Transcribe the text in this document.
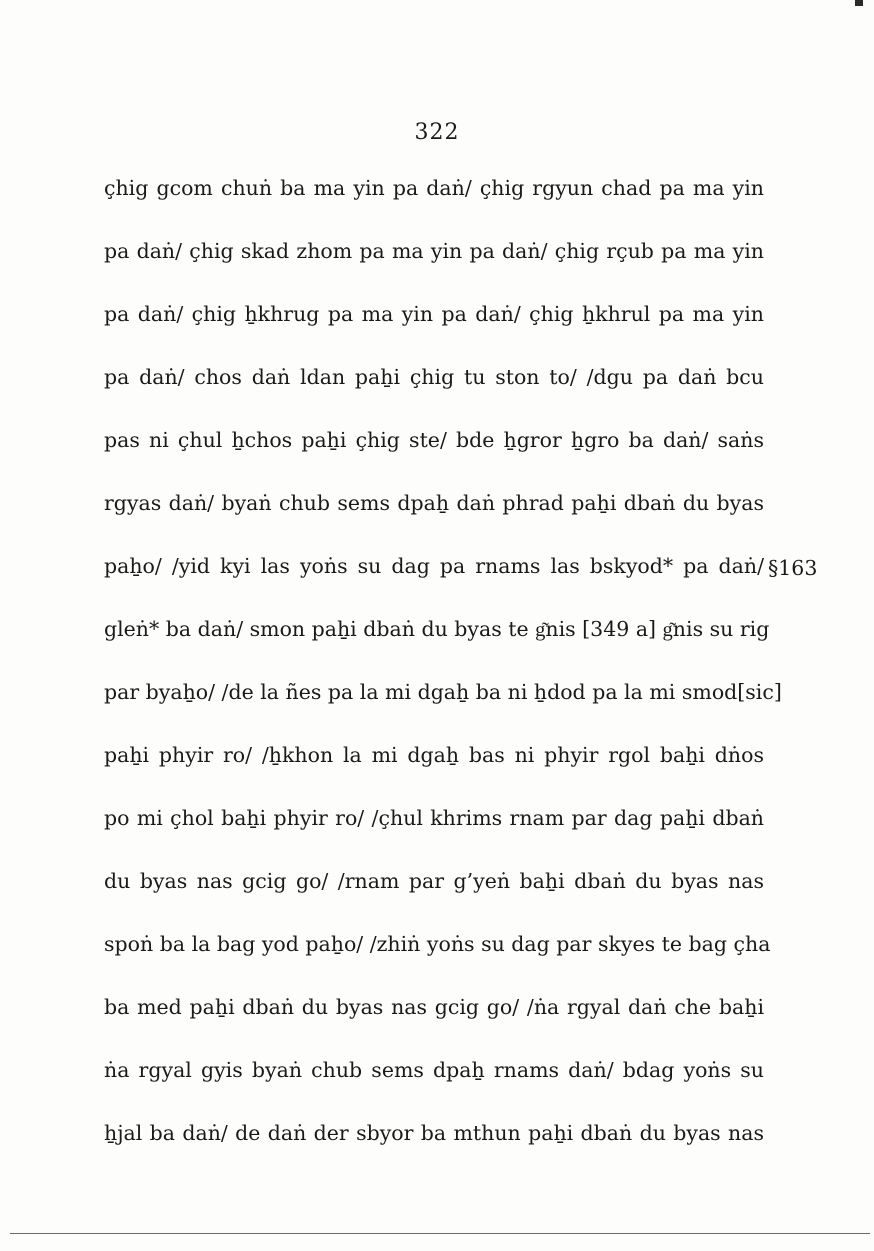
322
çhig gcom chuṅ ba ma yin pa daṅ/ çhig rgyun chad pa ma yin
pa daṅ/ çhig skad zhom pa ma yin pa daṅ/ çhig rçub pa ma yin
pa daṅ/ çhig ẖkhrug pa ma yin pa daṅ/ çhig ẖkhrul pa ma yin
pa daṅ/ chos daṅ ldan paẖi çhig tu ston to/ /dgu pa daṅ bcu
pas ni çhul ẖchos paẖi çhig ste/ bde ẖgror ẖgro ba daṅ/ saṅs
rgyas daṅ/ byaṅ chub sems dpaẖ daṅ phrad paẖi dbaṅ du byas
paẖo/ /yid kyi las yoṅs su dag pa rnams las bskyod* pa daṅ/
gleṅ* ba daṅ/ smon paẖi dbaṅ du byas te g͂nis [349 a] g͂nis su rig
par byaẖo/ /de la ñes pa la mi dgaẖ ba ni ẖdod pa la mi smod[sic]
paẖi phyir ro/ /ẖkhon la mi dgaẖ bas ni phyir rgol baẖi dṅos
po mi çhol baẖi phyir ro/ /çhul khrims rnam par dag paẖi dbaṅ
du byas nas gcig go/ /rnam par g’yeṅ baẖi dbaṅ du byas nas
spoṅ ba la bag yod paẖo/ /zhiṅ yoṅs su dag par skyes te bag çha
ba med paẖi dbaṅ du byas nas gcig go/ /ṅa rgyal daṅ che baẖi
ṅa rgyal gyis byaṅ chub sems dpaẖ rnams daṅ/ bdag yoṅs su
ẖjal ba daṅ/ de daṅ der sbyor ba mthun paẖi dbaṅ du byas nas
§163
